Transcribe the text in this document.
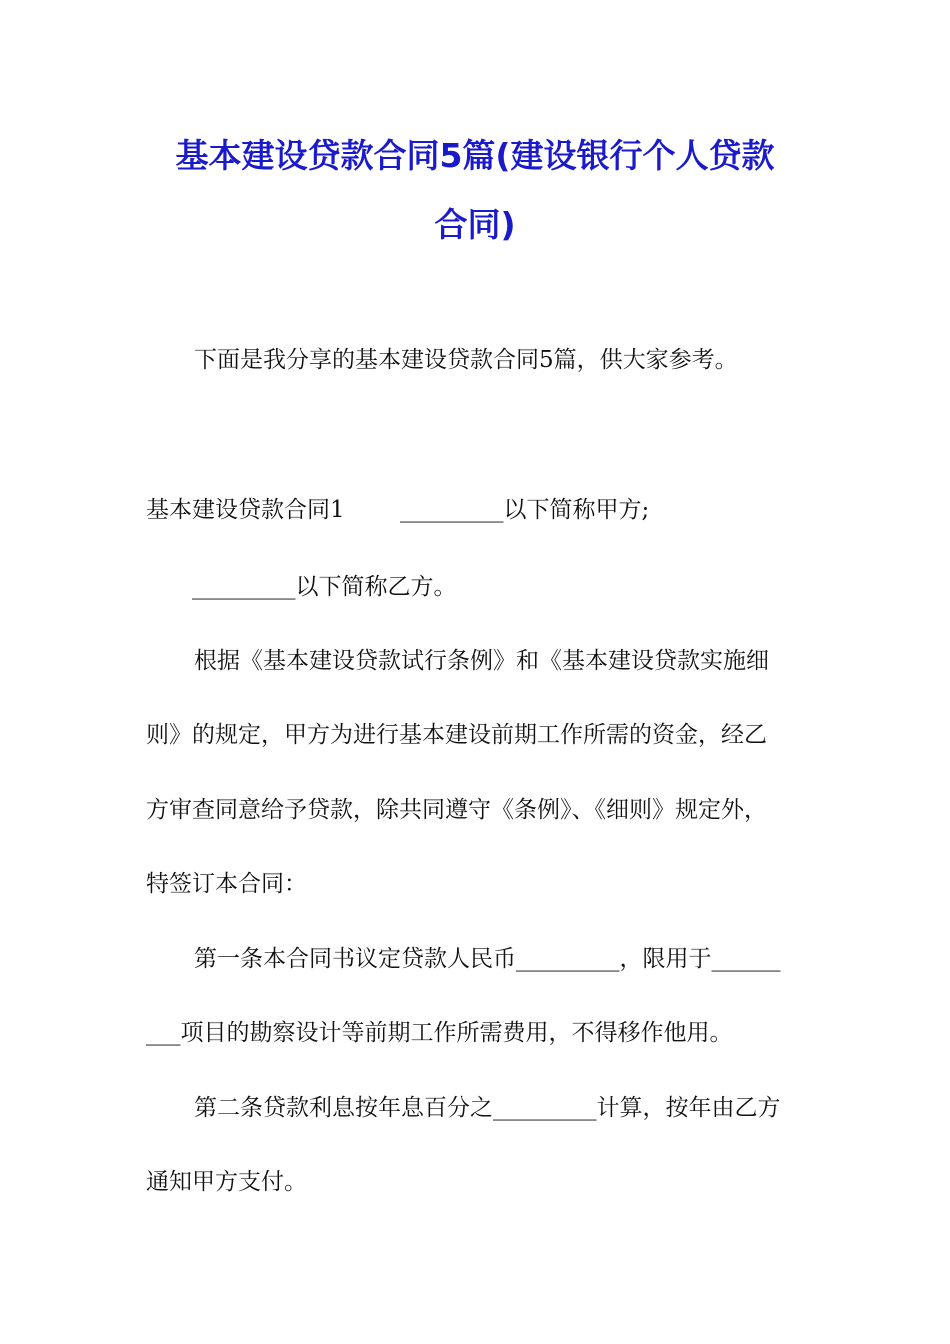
基本建设贷款合同5篇(建设银行个人贷款
合同)

下面是我分享的基本建设贷款合同5篇，供大家参考。

基本建设贷款合同1 _________以下简称甲方;

_________以下简称乙方。

根据《基本建设贷款试行条例》和《基本建设贷款实施细

则》的规定，甲方为进行基本建设前期工作所需的资金，经乙

方审查同意给予贷款，除共同遵守《条例》、《细则》规定外，

特签订本合同：

第一条本合同书议定贷款人民币_________，限用于______

___项目的勘察设计等前期工作所需费用，不得移作他用。

第二条贷款利息按年息百分之_________计算，按年由乙方

通知甲方支付。
